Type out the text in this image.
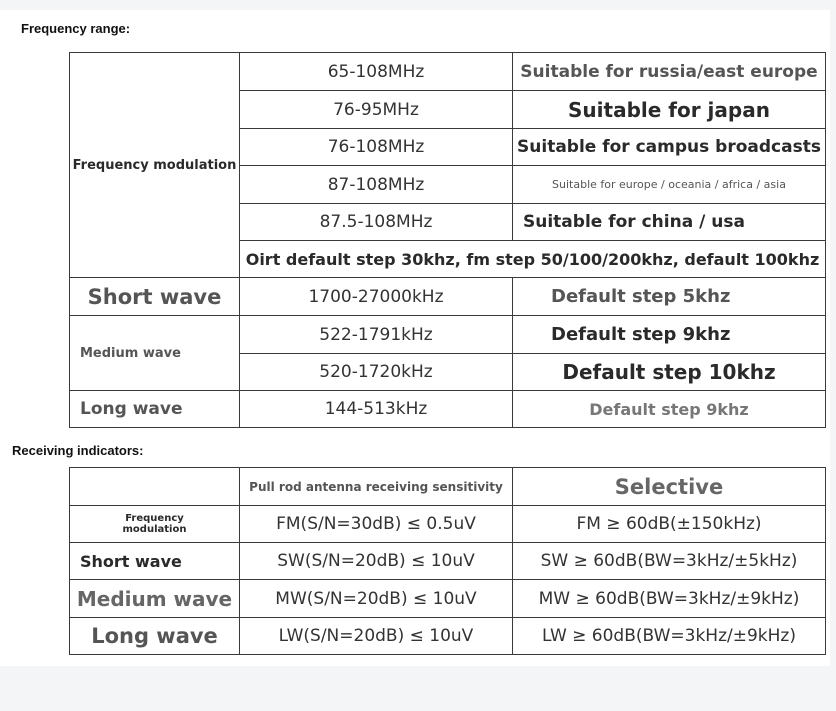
Frequency range:
Frequency modulation	65-108MHz	Suitable for russia/east europe
	76-95MHz	Suitable for japan
	76-108MHz	Suitable for campus broadcasts
	87-108MHz	Suitable for europe / oceania / africa / asia
	87.5-108MHz	Suitable for china / usa
	Oirt default step 30khz, fm step 50/100/200khz, default 100khz	
Short wave	1700-27000kHz	Default step 5khz
Medium wave	522-1791kHz	Default step 9khz
	520-1720kHz	Default step 10khz
Long wave	144-513kHz	Default step 9khz
Receiving indicators:
	Pull rod antenna receiving sensitivity	Selective
Frequency modulation	FM(S/N=30dB) ≤ 0.5uV	FM ≥ 60dB(±150kHz)
Short wave	SW(S/N=20dB) ≤ 10uV	SW ≥ 60dB(BW=3kHz/±5kHz)
Medium wave	MW(S/N=20dB) ≤ 10uV	MW ≥ 60dB(BW=3kHz/±9kHz)
Long wave	LW(S/N=20dB) ≤ 10uV	LW ≥ 60dB(BW=3kHz/±9kHz)
